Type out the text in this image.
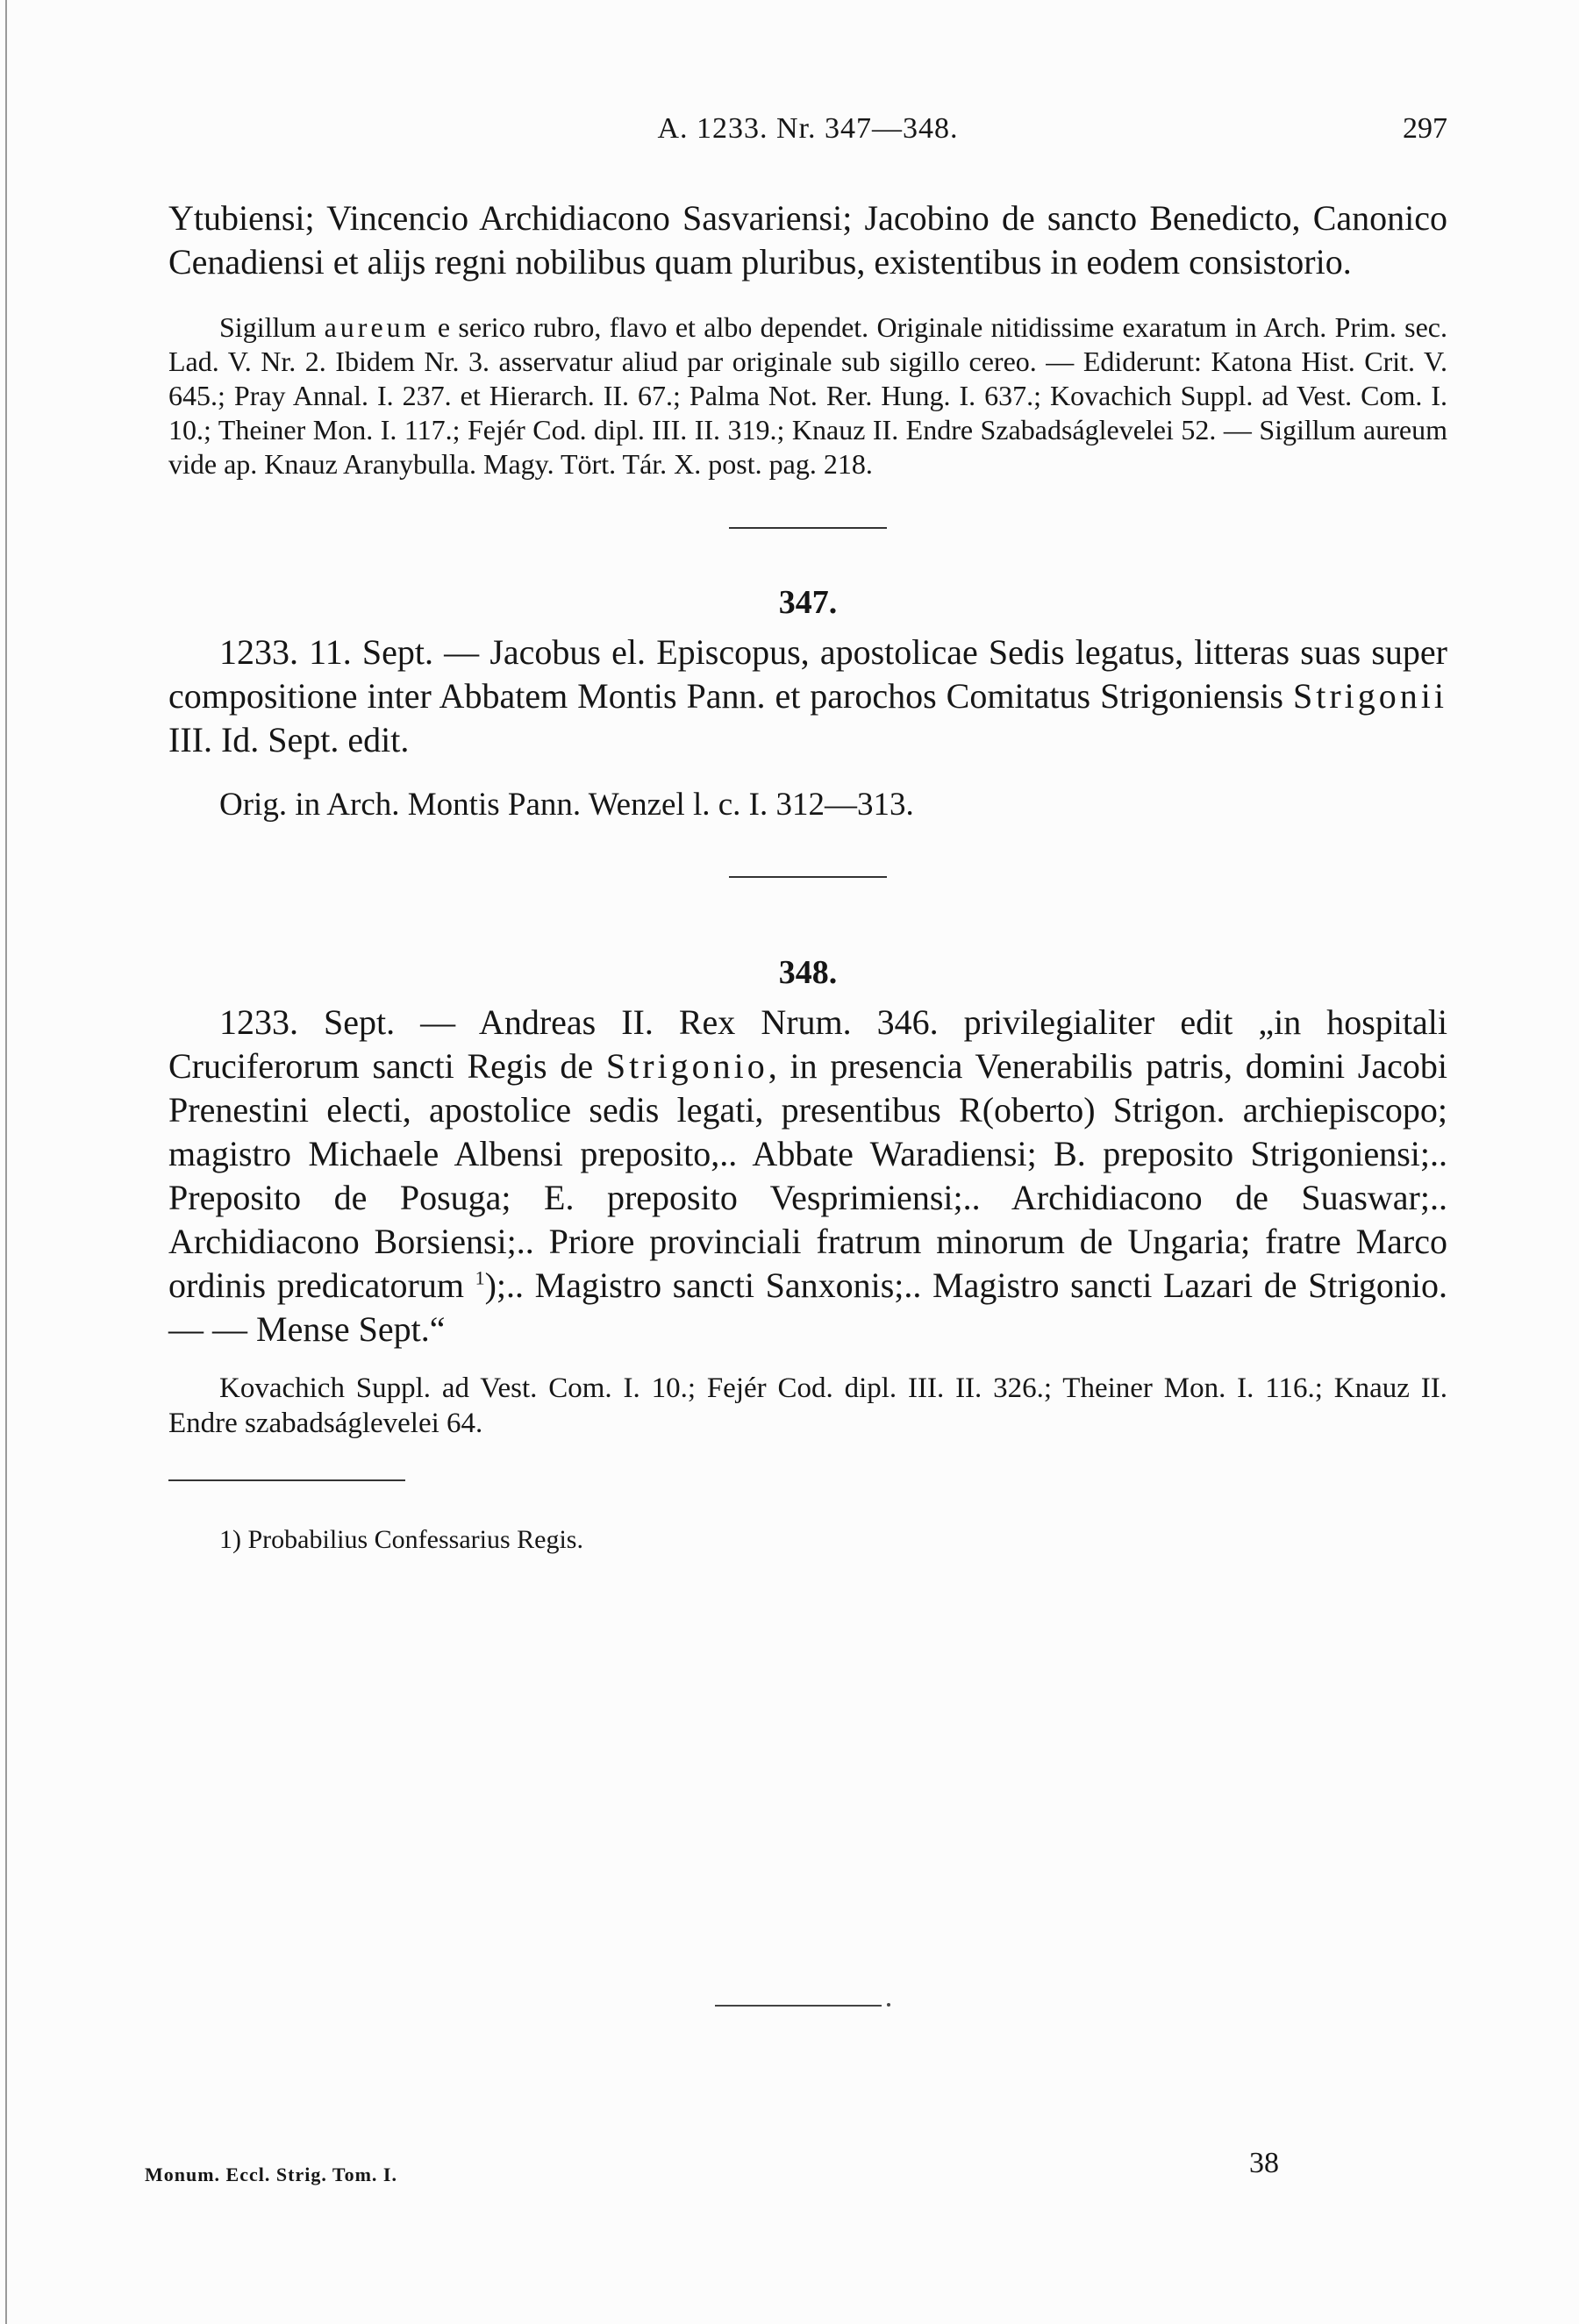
A. 1233. Nr. 347—348.	297

Ytubiensi; Vincencio Archidiacono Sasvariensi; Jacobino de sancto Benedicto, Canonico Cenadiensi et alijs regni nobilibus quam pluribus, existentibus in eodem consistorio.

Sigillum aureum e serico rubro, flavo et albo dependet. Originale nitidissime exaratum in Arch. Prim. sec. Lad. V. Nr. 2. Ibidem Nr. 3. asservatur aliud par originale sub sigillo cereo. — Ediderunt: Katona Hist. Crit. V. 645.; Pray Annal. I. 237. et Hierarch. II. 67.; Palma Not. Rer. Hung. I. 637.; Kovachich Suppl. ad Vest. Com. I. 10.; Theiner Mon. I. 117.; Fejér Cod. dipl. III. II. 319.; Knauz II. Endre Szabadságlevelei 52. — Sigillum aureum vide ap. Knauz Aranybulla. Magy. Tört. Tár. X. post. pag. 218.

347.

1233. 11. Sept. — Jacobus el. Episcopus, apostolicae Sedis legatus, litteras suas super compositione inter Abbatem Montis Pann. et parochos Comitatus Strigoniensis Strigonii III. Id. Sept. edit.

Orig. in Arch. Montis Pann. Wenzel l. c. I. 312—313.

348.

1233. Sept. — Andreas II. Rex Nrum. 346. privilegialiter edit „in hospitali Cruciferorum sancti Regis de Strigonio, in presencia Venerabilis patris, domini Jacobi Prenestini electi, apostolice sedis legati, presentibus R(oberto) Strigon. archiepiscopo; magistro Michaele Albensi preposito,.. Abbate Waradiensi; B. preposito Strigoniensi;.. Preposito de Posuga; E. preposito Vesprimiensi;.. Archidiacono de Suaswar;.. Archidiacono Borsiensi;.. Priore provinciali fratrum minorum de Ungaria; fratre Marco ordinis predicatorum $^1$);.. Magistro sancti Sanxonis;.. Magistro sancti Lazari de Strigonio. — — Mense Sept.“

Kovachich Suppl. ad Vest. Com. I. 10.; Fejér Cod. dipl. III. II. 326.; Theiner Mon. I. 116.; Knauz II. Endre szabadságlevelei 64.

1) Probabilius Confessarius Regis.

Monum. Eccl. Strig. Tom. I.	38
